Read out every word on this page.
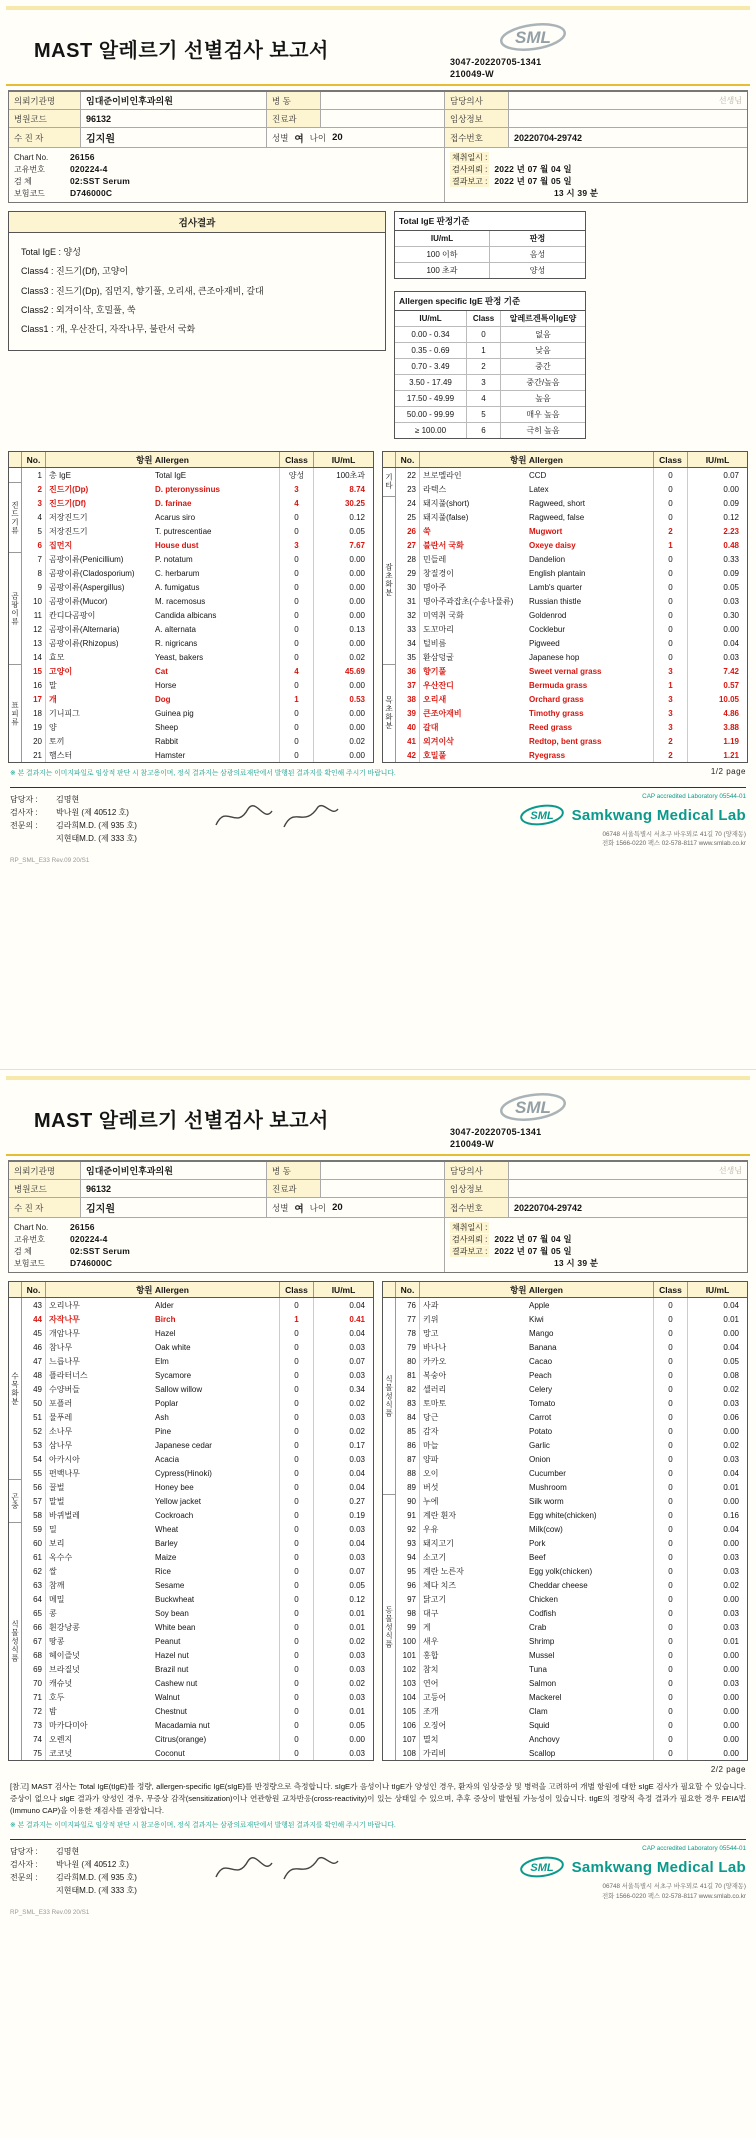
MAST 알레르기 선별검사 보고서
SML
3047-20220705-1341
210049-W
의뢰기관명	임대준이비인후과의원	병 동	담당의사	선생님
병원코드	96132	진료과	임상정보
수 진 자	김지원	성별 여 나이 20	접수번호	20220704-29742
Chart No.	26156
고유번호	020224-4
검 체	02:SST Serum
보험코드	D746000C
채취일시 :
검사의뢰 : 2022 년 07 월 04 일
결과보고 : 2022 년 07 월 05 일
13 시 39 분
검사결과
Total IgE : 양성
Class4 : 진드기(Df), 고양이
Class3 : 진드기(Dp), 집먼지, 향기풀, 오리새, 큰조아재비, 갈대
Class2 : 외겨이삭, 호밀풀, 쑥
Class1 : 개, 우산잔디, 자작나무, 불란서 국화
Total IgE 판정기준
IU/mL	판정
100 이하	음성
100 초과	양성
Allergen specific IgE 판정 기준
IU/mL	Class	알레르겐특이IgE양
0.00 - 0.34	0	없음
0.35 - 0.69	1	낮음
0.70 - 3.49	2	중간
3.50 - 17.49	3	중간/높음
17.50 - 49.99	4	높음
50.00 - 99.99	5	매우 높음
≥ 100.00	6	극히 높음
No.	항원 Allergen	Class	IU/mL
진드기류
곰팡이류
표피류
1 총 IgE	Total IgE	양성	100초과
2 진드기(Dp)	D. pteronyssinus	3	8.74
3 진드기(Df)	D. farinae	4	30.25
4 저장진드기	Acarus siro	0	0.12
5 저장진드기	T. putrescentiae	0	0.05
6 집먼지	House dust	3	7.67
7 곰팡이류(Penicillium)	P. notatum	0	0.00
8 곰팡이류(Cladosporium)	C. herbarum	0	0.00
9 곰팡이류(Aspergillus)	A. fumigatus	0	0.00
10 곰팡이류(Mucor)	M. racemosus	0	0.00
11 칸디다곰팡이	Candida albicans	0	0.00
12 곰팡이류(Alternaria)	A. alternata	0	0.13
13 곰팡이류(Rhizopus)	R. nigricans	0	0.00
14 효모	Yeast, bakers	0	0.02
15 고양이	Cat	4	45.69
16 말	Horse	0	0.00
17 개	Dog	1	0.53
18 기니피그	Guinea pig	0	0.00
19 양	Sheep	0	0.00
20 토끼	Rabbit	0	0.02
21 햄스터	Hamster	0	0.00
No.	항원 Allergen	Class	IU/mL
기타
잡초화분
목초화분
22 브로멜라인	CCD	0	0.07
23 라텍스	Latex	0	0.00
24 돼지풀(short)	Ragweed, short	0	0.09
25 돼지풀(false)	Ragweed, false	0	0.12
26 쑥	Mugwort	2	2.23
27 불란서 국화	Oxeye daisy	1	0.48
28 민들레	Dandelion	0	0.33
29 창질경이	English plantain	0	0.09
30 명아주	Lamb's quarter	0	0.05
31 명아주과잡초(수송나물류)	Russian thistle	0	0.03
32 미역취 국화	Goldenrod	0	0.30
33 도꼬마리	Cocklebur	0	0.00
34 털비름	Pigweed	0	0.04
35 환삼덩굴	Japanese hop	0	0.03
36 향기풀	Sweet vernal grass	3	7.42
37 우산잔디	Bermuda grass	1	0.57
38 오리새	Orchard grass	3	10.05
39 큰조아재비	Timothy grass	3	4.86
40 갈대	Reed grass	3	3.88
41 외겨이삭	Redtop, bent grass	2	1.19
42 호밀풀	Ryegrass	2	1.21
※ 본 결과지는 이미지파일로 임상적 판단 시 참고용이며, 정식 결과지는 삼광의료재단에서 발행된 결과지를 확인해 주시기 바랍니다.	1/2 page
담당자 :	김명현
검사자 :	박나원 (제 40512 호)
전문의 :	김라희M.D. (제 935 호)
지현태M.D. (제 333 호)
CAP accredited Laboratory 05544-01
SML Samkwang Medical Lab
06748 서울특별시 서초구 바우뫼로 41길 70 (양재동)
전화 1566-0220 팩스 02-578-8117 www.smlab.co.kr
RP_SML_E33 Rev.09 20/S1
MAST 알레르기 선별검사 보고서
SML
3047-20220705-1341
210049-W
의뢰기관명	임대준이비인후과의원	병 동	담당의사	선생님
병원코드	96132	진료과	임상정보
수 진 자	김지원	성별 여 나이 20	접수번호	20220704-29742
Chart No.	26156
고유번호	020224-4
검 체	02:SST Serum
보험코드	D746000C
채취일시 :
검사의뢰 : 2022 년 07 월 04 일
결과보고 : 2022 년 07 월 05 일
13 시 39 분
No.	항원 Allergen	Class	IU/mL
수목화분
곤충
식물성식품
43 오리나무	Alder	0	0.04
44 자작나무	Birch	1	0.41
45 개암나무	Hazel	0	0.04
46 참나무	Oak white	0	0.03
47 느릅나무	Elm	0	0.07
48 플라터너스	Sycamore	0	0.03
49 수양버들	Sallow willow	0	0.34
50 포플러	Poplar	0	0.02
51 물푸레	Ash	0	0.03
52 소나무	Pine	0	0.02
53 삼나무	Japanese cedar	0	0.17
54 아카시아	Acacia	0	0.03
55 편백나무	Cypress(Hinoki)	0	0.04
56 꿀벌	Honey bee	0	0.04
57 말벌	Yellow jacket	0	0.27
58 바퀴벌레	Cockroach	0	0.19
59 밀	Wheat	0	0.03
60 보리	Barley	0	0.04
61 옥수수	Maize	0	0.03
62 쌀	Rice	0	0.07
63 참깨	Sesame	0	0.05
64 메밀	Buckwheat	0	0.12
65 콩	Soy bean	0	0.01
66 흰강낭콩	White bean	0	0.01
67 땅콩	Peanut	0	0.02
68 헤이즐넛	Hazel nut	0	0.03
69 브라질넛	Brazil nut	0	0.03
70 캐슈넛	Cashew nut	0	0.02
71 호두	Walnut	0	0.03
72 밤	Chestnut	0	0.01
73 마카다미아	Macadamia nut	0	0.05
74 오렌지	Citrus(orange)	0	0.00
75 코코넛	Coconut	0	0.03
No.	항원 Allergen	Class	IU/mL
식물성식품
동물성식품
76 사과	Apple	0	0.04
77 키위	Kiwi	0	0.01
78 망고	Mango	0	0.00
79 바나나	Banana	0	0.04
80 카카오	Cacao	0	0.05
81 복숭아	Peach	0	0.08
82 셀러리	Celery	0	0.02
83 토마토	Tomato	0	0.03
84 당근	Carrot	0	0.06
85 감자	Potato	0	0.00
86 마늘	Garlic	0	0.02
87 양파	Onion	0	0.03
88 오이	Cucumber	0	0.04
89 버섯	Mushroom	0	0.01
90 누에	Silk worm	0	0.00
91 계란 흰자	Egg white(chicken)	0	0.16
92 우유	Milk(cow)	0	0.04
93 돼지고기	Pork	0	0.00
94 소고기	Beef	0	0.03
95 계란 노른자	Egg yolk(chicken)	0	0.03
96 체다 치즈	Cheddar cheese	0	0.02
97 닭고기	Chicken	0	0.00
98 대구	Codfish	0	0.03
99 게	Crab	0	0.03
100 새우	Shrimp	0	0.01
101 홍합	Mussel	0	0.00
102 참치	Tuna	0	0.00
103 연어	Salmon	0	0.03
104 고등어	Mackerel	0	0.00
105 조개	Clam	0	0.00
106 오징어	Squid	0	0.00
107 멸치	Anchovy	0	0.00
108 가리비	Scallop	0	0.00
2/2 page
[참고] MAST 검사는 Total IgE(tIgE)를 정량, allergen-specific IgE(sIgE)를 반정량으로 측정합니다. sIgE가 음성이나 tIgE가 양성인 경우, 환자의 임상증상 및 병력을 고려하여 개별 항원에 대한 sIgE 검사가 필요할 수 있습니다. 증상이 없으나 sIgE 결과가 양성인 경우, 무증상 감작(sensitization)이나 연관항원 교차반응(cross-reactivity)이 있는 상태일 수 있으며, 추후 증상이 발현될 가능성이 있습니다. tIgE의 정량적 측정 결과가 필요한 경우 FEIA법(Immuno CAP)을 이용한 재검사를 권장합니다.
※ 본 결과지는 이미지파일로 임상적 판단 시 참고용이며, 정식 결과지는 삼광의료재단에서 발행된 결과지를 확인해 주시기 바랍니다.
담당자 :	김명현
검사자 :	박나원 (제 40512 호)
전문의 :	김라희M.D. (제 935 호)
지현태M.D. (제 333 호)
CAP accredited Laboratory 05544-01
SML Samkwang Medical Lab
06748 서울특별시 서초구 바우뫼로 41길 70 (양재동)
전화 1566-0220 팩스 02-578-8117 www.smlab.co.kr
RP_SML_E33 Rev.09 20/S1
